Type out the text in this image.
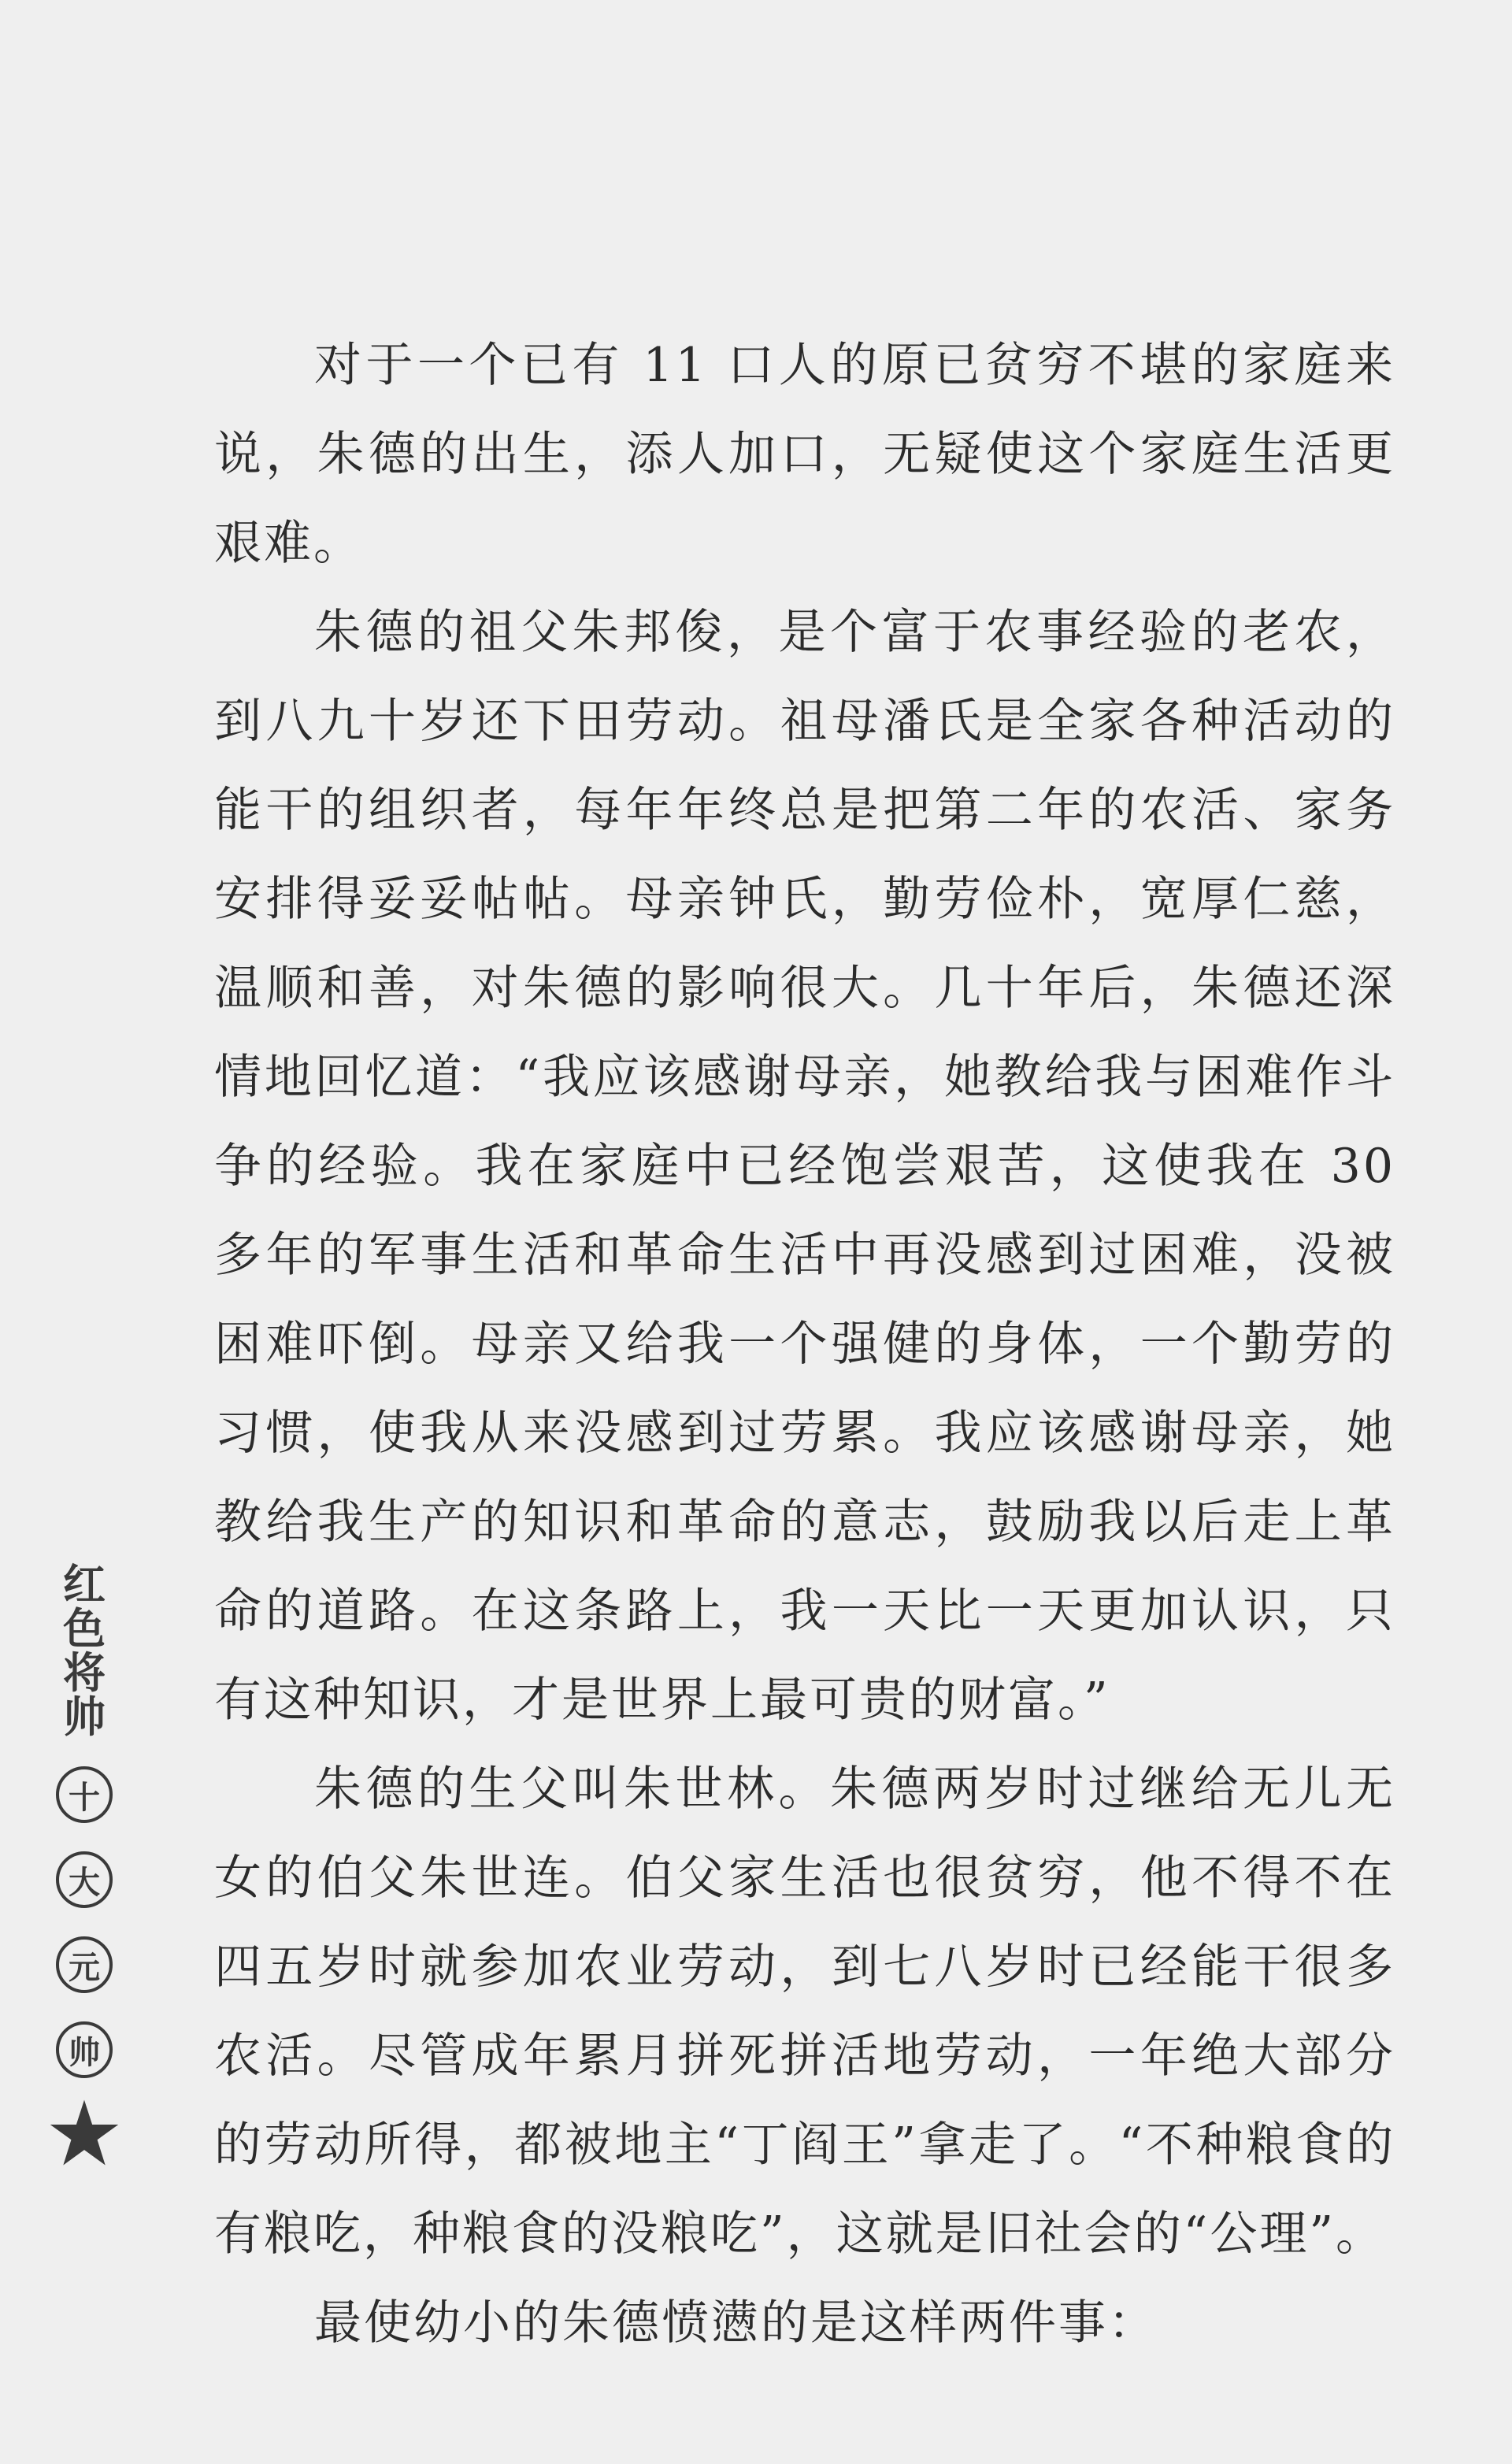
对于一个已有 11 口人的原已贫穷不堪的家庭来说，朱德的出生，添人加口，无疑使这个家庭生活更艰难。

朱德的祖父朱邦俊，是个富于农事经验的老农，到八九十岁还下田劳动。祖母潘氏是全家各种活动的能干的组织者，每年年终总是把第二年的农活、家务安排得妥妥帖帖。母亲钟氏，勤劳俭朴，宽厚仁慈，温顺和善，对朱德的影响很大。几十年后，朱德还深情地回忆道：“我应该感谢母亲，她教给我与困难作斗争的经验。我在家庭中已经饱尝艰苦，这使我在 30 多年的军事生活和革命生活中再没感到过困难，没被困难吓倒。母亲又给我一个强健的身体，一个勤劳的习惯，使我从来没感到过劳累。我应该感谢母亲，她教给我生产的知识和革命的意志，鼓励我以后走上革命的道路。在这条路上，我一天比一天更加认识，只有这种知识，才是世界上最可贵的财富。”

朱德的生父叫朱世林。朱德两岁时过继给无儿无女的伯父朱世连。伯父家生活也很贫穷，他不得不在四五岁时就参加农业劳动，到七八岁时已经能干很多农活。尽管成年累月拼死拼活地劳动，一年绝大部分的劳动所得，都被地主“丁阎王”拿走了。“不种粮食的有粮吃，种粮食的没粮吃”，这就是旧社会的“公理”。

最使幼小的朱德愤懑的是这样两件事：

红
色
将
帅
十
大
元
帅
